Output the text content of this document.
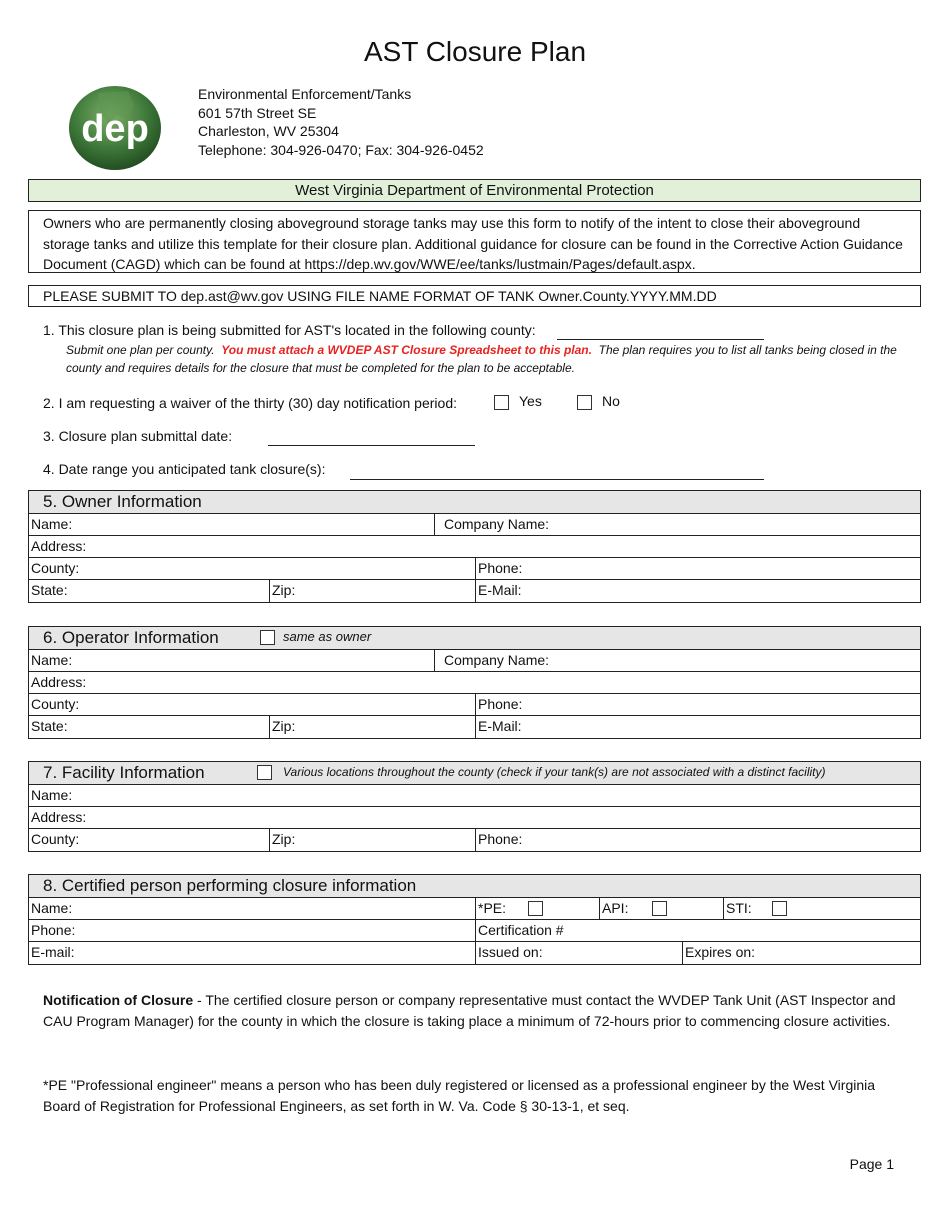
AST Closure Plan
dep
Environmental Enforcement/Tanks
601 57th Street SE
Charleston, WV 25304
Telephone: 304-926-0470; Fax: 304-926-0452
West Virginia Department of Environmental Protection
Owners who are permanently closing aboveground storage tanks may use this form to notify of the intent to close their aboveground storage tanks and utilize this template for their closure plan. Additional guidance for closure can be found in the Corrective Action Guidance Document (CAGD) which can be found at https://dep.wv.gov/WWE/ee/tanks/lustmain/Pages/default.aspx.
PLEASE SUBMIT TO dep.ast@wv.gov USING FILE NAME FORMAT OF TANK Owner.County.YYYY.MM.DD
1. This closure plan is being submitted for AST's located in the following county:
Submit one plan per county. You must attach a WVDEP AST Closure Spreadsheet to this plan. The plan requires you to list all tanks being closed in the county and requires details for the closure that must be completed for the plan to be acceptable.
2. I am requesting a waiver of the thirty (30) day notification period:	Yes	No
3. Closure plan submittal date:
4. Date range you anticipated tank closure(s):
5. Owner Information
Name:	Company Name:
Address:
County:	Phone:
State:	Zip:	E-Mail:
6. Operator Information	same as owner
Name:	Company Name:
Address:
County:	Phone:
State:	Zip:	E-Mail:
7. Facility Information	Various locations throughout the county (check if your tank(s) are not associated with a distinct facility)
Name:
Address:
County:	Zip:	Phone:
8. Certified person performing closure information
Name:	*PE:	API:	STI:
Phone:	Certification #
E-mail:	Issued on:	Expires on:
Notification of Closure - The certified closure person or company representative must contact the WVDEP Tank Unit (AST Inspector and CAU Program Manager) for the county in which the closure is taking place a minimum of 72-hours prior to commencing closure activities.
*PE "Professional engineer" means a person who has been duly registered or licensed as a professional engineer by the West Virginia Board of Registration for Professional Engineers, as set forth in W. Va. Code § 30-13-1, et seq.
Page 1
